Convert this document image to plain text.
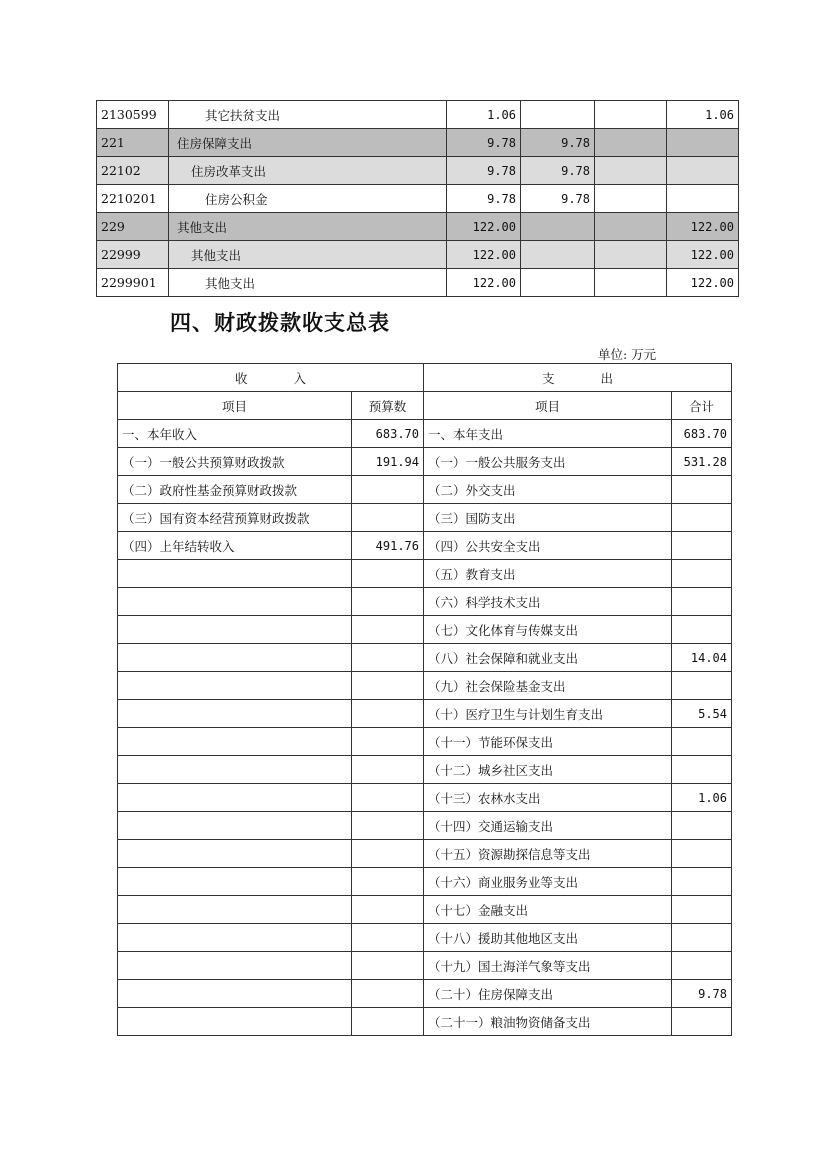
2130599	其它扶贫支出	1.06			1.06
221	住房保障支出	9.78	9.78		
22102	住房改革支出	9.78	9.78		
2210201	住房公积金	9.78	9.78		
229	其他支出	122.00			122.00
22999	其他支出	122.00			122.00
2299901	其他支出	122.00			122.00
四、财政拨款收支总表
单位: 万元
收 入		支 出	
项目	预算数	项目	合计
一、本年收入	683.70	一、本年支出	683.70
（一）一般公共预算财政拨款	191.94	（一）一般公共服务支出	531.28
（二）政府性基金预算财政拨款		（二）外交支出	
（三）国有资本经营预算财政拨款		（三）国防支出	
（四）上年结转收入	491.76	（四）公共安全支出	
		（五）教育支出	
		（六）科学技术支出	
		（七）文化体育与传媒支出	
		（八）社会保障和就业支出	14.04
		（九）社会保险基金支出	
		（十）医疗卫生与计划生育支出	5.54
		（十一）节能环保支出	
		（十二）城乡社区支出	
		（十三）农林水支出	1.06
		（十四）交通运输支出	
		（十五）资源勘探信息等支出	
		（十六）商业服务业等支出	
		（十七）金融支出	
		（十八）援助其他地区支出	
		（十九）国土海洋气象等支出	
		（二十）住房保障支出	9.78
		（二十一）粮油物资储备支出	
